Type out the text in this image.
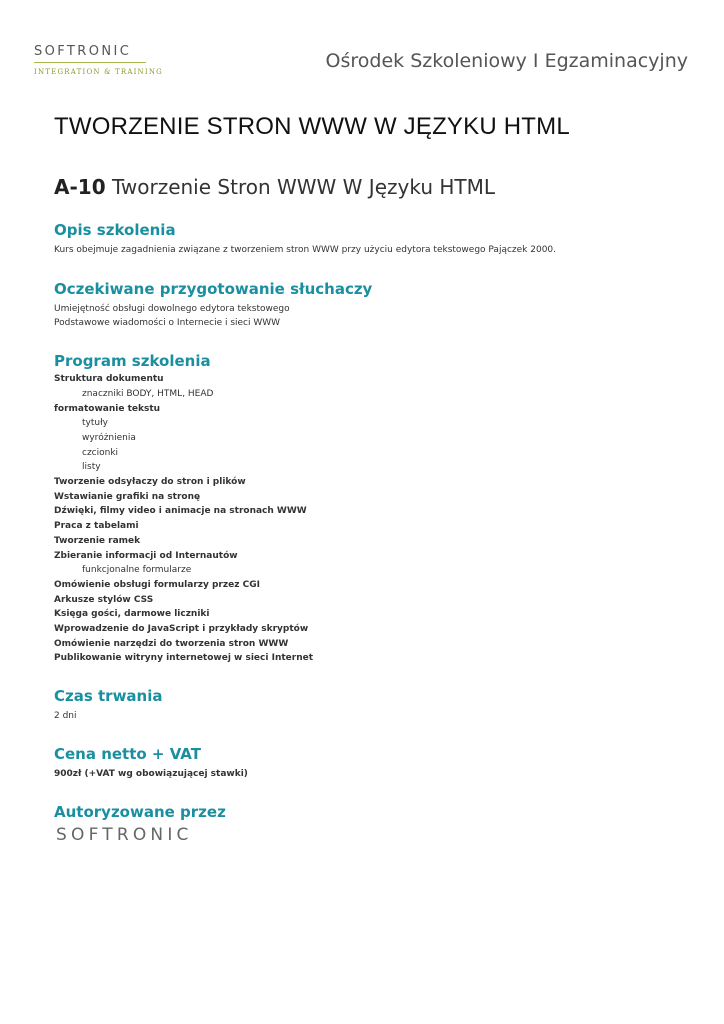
SOFTRONIC
INTEGRATION & TRAINING	Ośrodek Szkoleniowy I Egzaminacyjny
TWORZENIE STRON WWW W JĘZYKU HTML
A-10 Tworzenie Stron WWW W Języku HTML
Opis szkolenia
Kurs obejmuje zagadnienia związane z tworzeniem stron WWW przy użyciu edytora tekstowego Pajączek 2000.
Oczekiwane przygotowanie słuchaczy
Umiejętność obsługi dowolnego edytora tekstowego
Podstawowe wiadomości o Internecie i sieci WWW
Program szkolenia
Struktura dokumentu
znaczniki BODY, HTML, HEAD
formatowanie tekstu
tytuły
wyróżnienia
czcionki
listy
Tworzenie odsyłaczy do stron i plików
Wstawianie grafiki na stronę
Dźwięki, filmy video i animacje na stronach WWW
Praca z tabelami
Tworzenie ramek
Zbieranie informacji od Internautów
funkcjonalne formularze
Omówienie obsługi formularzy przez CGI
Arkusze stylów CSS
Księga gości, darmowe liczniki
Wprowadzenie do JavaScript i przykłady skryptów
Omówienie narzędzi do tworzenia stron WWW
Publikowanie witryny internetowej w sieci Internet
Czas trwania
2 dni
Cena netto + VAT
900zł (+VAT wg obowiązującej stawki)
Autoryzowane przez
SOFTRONIC
